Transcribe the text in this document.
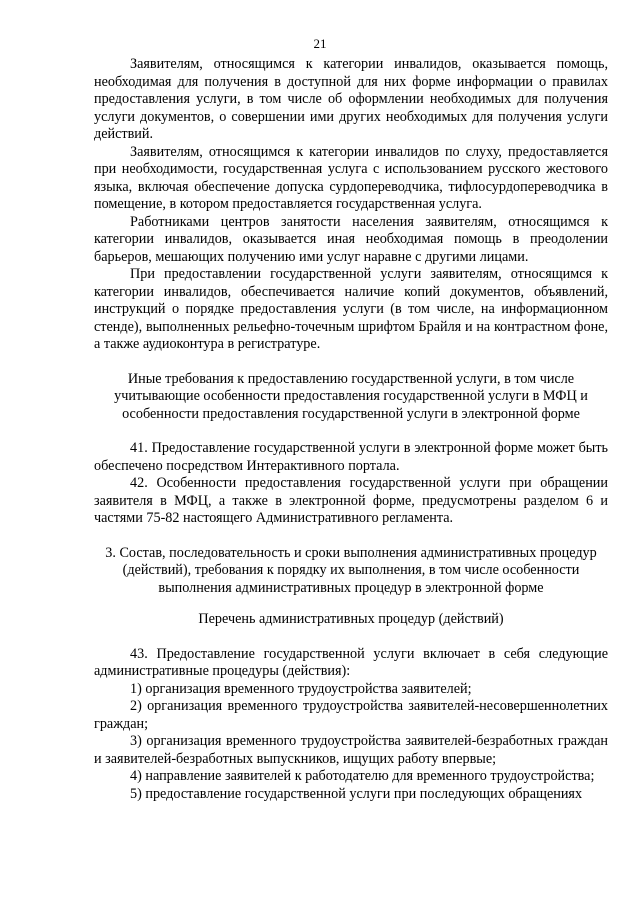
21

Заявителям, относящимся к категории инвалидов, оказывается помощь, необходимая для получения в доступной для них форме информации о правилах предоставления услуги, в том числе об оформлении необходимых для получения услуги документов, о совершении ими других необходимых для получения услуги действий.

Заявителям, относящимся к категории инвалидов по слуху, предоставляется при необходимости, государственная услуга с использованием русского жестового языка, включая обеспечение допуска сурдопереводчика, тифлосурдопереводчика в помещение, в котором предоставляется государственная услуга.

Работниками центров занятости населения заявителям, относящимся к категории инвалидов, оказывается иная необходимая помощь в преодолении барьеров, мешающих получению ими услуг наравне с другими лицами.

При предоставлении государственной услуги заявителям, относящимся к категории инвалидов, обеспечивается наличие копий документов, объявлений, инструкций о порядке предоставления услуги (в том числе, на информационном стенде), выполненных рельефно-точечным шрифтом Брайля и на контрастном фоне, а также аудиоконтура в регистратуре.

Иные требования к предоставлению государственной услуги, в том числе учитывающие особенности предоставления государственной услуги в МФЦ и особенности предоставления государственной услуги в электронной форме

41. Предоставление государственной услуги в электронной форме может быть обеспечено посредством Интерактивного портала.

42. Особенности предоставления государственной услуги при обращении заявителя в МФЦ, а также в электронной форме, предусмотрены разделом 6 и частями 75-82 настоящего Административного регламента.

3. Состав, последовательность и сроки выполнения административных процедур (действий), требования к порядку их выполнения, в том числе особенности выполнения административных процедур в электронной форме

Перечень административных процедур (действий)

43. Предоставление государственной услуги включает в себя следующие административные процедуры (действия):

1) организация временного трудоустройства заявителей;

2) организация временного трудоустройства заявителей-несовершеннолетних граждан;

3) организация временного трудоустройства заявителей-безработных граждан и заявителей-безработных выпускников, ищущих работу впервые;

4) направление заявителей к работодателю для временного трудоустройства;

5) предоставление государственной услуги при последующих обращениях
